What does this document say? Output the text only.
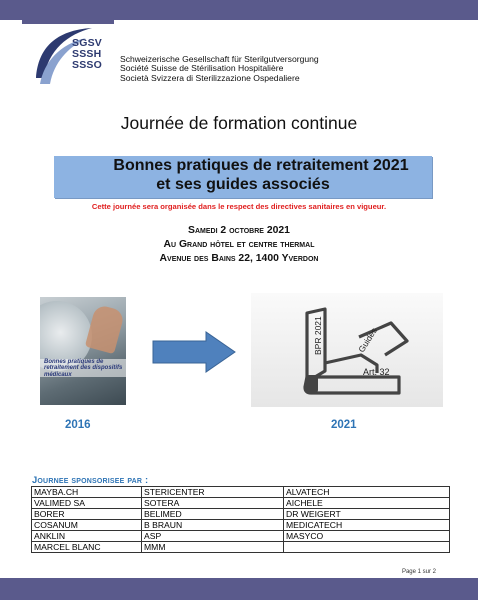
SGSV
SSSH
SSSO Schweizerische Gesellschaft für Sterilgutversorgung
Société Suisse de Stérilisation Hospitalière
Società Svizzera di Sterilizzazione Ospedaliere
Journée de formation continue
Bonnes pratiques de retraitement 2021
et ses guides associés
Cette journée sera organisée dans le respect des directives sanitaires en vigueur.
Samedi 2 octobre 2021
Au Grand hôtel et centre thermal
Avenue des Bains 22, 1400 Yverdon
Bonnes pratiques de retraitement des dispositifs médicaux
BPR 2021	Guides
Art. 32
2016	2021
Journee sponsorisee par :
MAYBA.CH	STERICENTER	ALVATECH
VALIMED SA	SOTERA	AICHELE
BORER	BELIMED	DR WEIGERT
COSANUM	B BRAUN	MEDICATECH
ANKLIN	ASP	MASYCO
MARCEL BLANC	MMM	
Page 1 sur 2
